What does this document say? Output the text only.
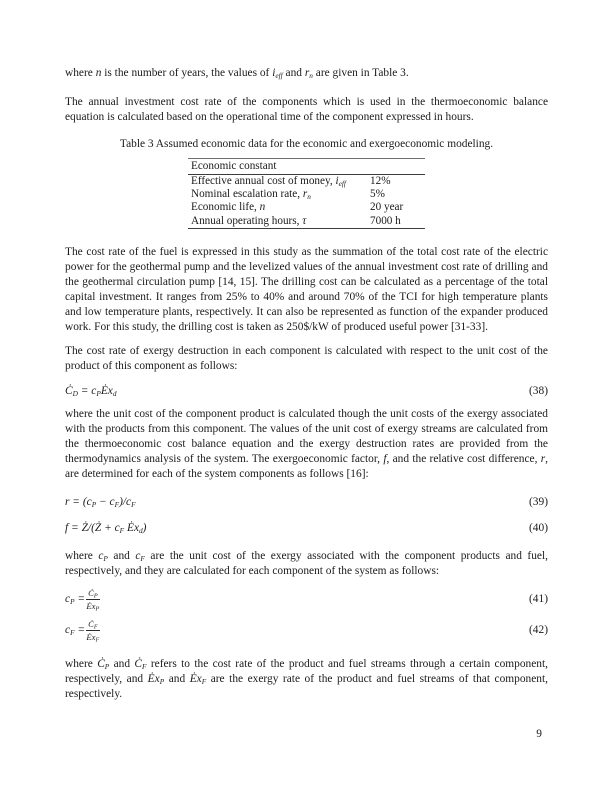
where n is the number of years, the values of $i_{eff}$ and $r_n$ are given in Table 3.

The annual investment cost rate of the components which is used in the thermoeconomic balance equation is calculated based on the operational time of the component expressed in hours.

Table 3 Assumed economic data for the economic and exergoeconomic modeling.
Economic constant	
Effective annual cost of money, $i_{eff}$	12%
Nominal escalation rate, $r_n$	5%
Economic life, n	20 year
Annual operating hours, τ	7000 h

The cost rate of the fuel is expressed in this study as the summation of the total cost rate of the electric power for the geothermal pump and the levelized values of the annual investment cost rate of drilling and the geothermal circulation pump [14, 15]. The drilling cost can be calculated as a percentage of the total capital investment. It ranges from 25% to 40% and around 70% of the TCI for high temperature plants and low temperature plants, respectively. It can also be represented as function of the expander produced work. For this study, the drilling cost is taken as 250$/kW of produced useful power [31-33].

The cost rate of exergy destruction in each component is calculated with respect to the unit cost of the product of this component as follows:

$Ċ_D$ = $c_PĖx_d$	(38)

where the unit cost of the component product is calculated though the unit costs of the exergy associated with the products from this component. The values of the unit cost of exergy streams are calculated from the thermoeconomic cost balance equation and the exergy destruction rates are provided from the thermodynamics analysis of the system. The exergoeconomic factor, f, and the relative cost difference, r, are determined for each of the system components as follows [16]:

$r = (c_P - c_F)/c_F$	(39)
f = Ż/(Ż + $c_F$ $Ėx_d$)	(40)

where $c_P$ and $c_F$ are the unit cost of the exergy associated with the component products and fuel, respectively, and they are calculated for each component of the system as follows:

$c_P = \frac{Ċ_P}{Ėx_P}$	(41)
$c_F = \frac{Ċ_F}{Ėx_F}$	(42)

where $Ċ_P$ and $Ċ_F$ refers to the cost rate of the product and fuel streams through a certain component, respectively, and $Ėx_P$ and $Ėx_F$ are the exergy rate of the product and fuel streams of that component, respectively.

9
